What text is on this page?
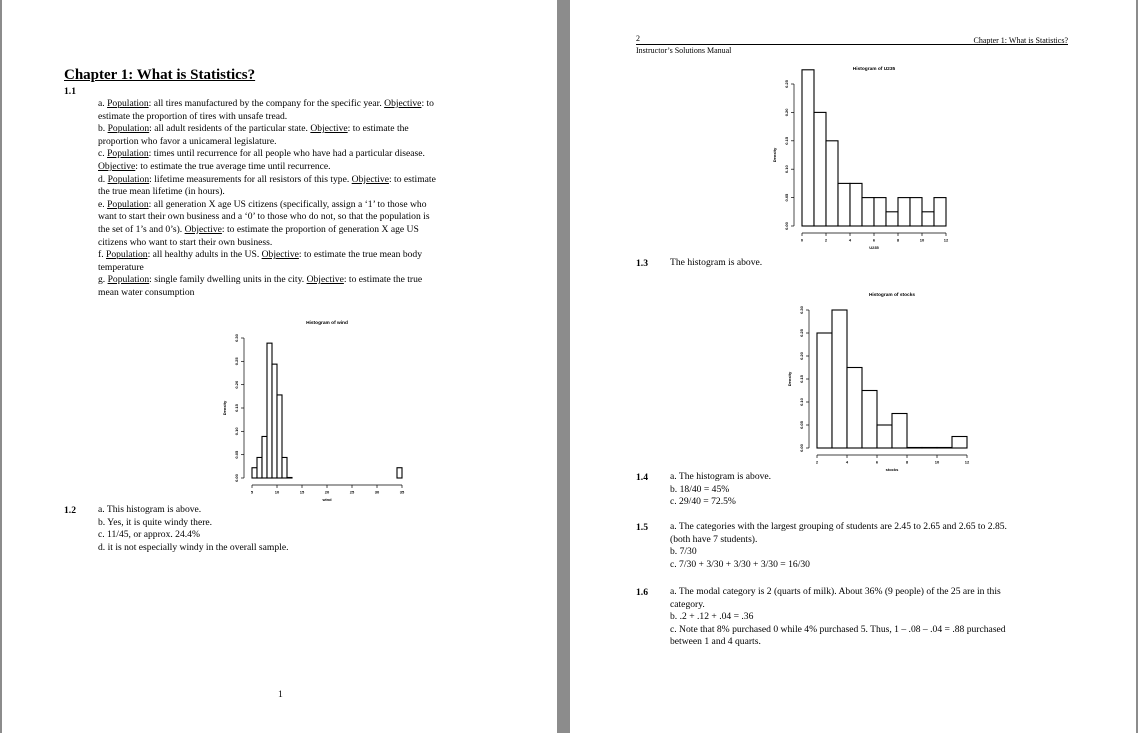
Chapter 1: What is Statistics?
1.1
a. Population: all tires manufactured by the company for the specific year. Objective: to
estimate the proportion of tires with unsafe tread.
b. Population: all adult residents of the particular state. Objective: to estimate the
proportion who favor a unicameral legislature.
c. Population: times until recurrence for all people who have had a particular disease.
Objective: to estimate the true average time until recurrence.
d. Population: lifetime measurements for all resistors of this type. Objective: to estimate
the true mean lifetime (in hours).
e. Population: all generation X age US citizens (specifically, assign a ‘1’ to those who
want to start their own business and a ‘0’ to those who do not, so that the population is
the set of 1’s and 0’s). Objective: to estimate the proportion of generation X age US
citizens who want to start their own business.
f. Population: all healthy adults in the US. Objective: to estimate the true mean body
temperature
g. Population: single family dwelling units in the city. Objective: to estimate the true
mean water consumption
Histogram of wind
5	10	15	20	25	30	35
wind
0.00
0.05
0.10
0.15
0.20
0.25
0.30
Density
1.2 a. This histogram is above.
b. Yes, it is quite windy there.
c. 11/45, or approx. 24.4%
d. it is not especially windy in the overall sample.
1
2	Chapter 1: What is Statistics?
Instructor’s Solutions Manual
Histogram of U235
0	2	4	6	8	10	12
U235
0.00
0.05
0.10
0.15
0.20
0.25
Density
1.3 The histogram is above.
Histogram of stocks
2	4	6	8	10	12
stocks
0.00
0.05
0.10
0.15
0.20
0.25
0.30
Density
1.4 a. The histogram is above.
b. 18/40 = 45%
c. 29/40 = 72.5%
1.5 a. The categories with the largest grouping of students are 2.45 to 2.65 and 2.65 to 2.85.
(both have 7 students).
b. 7/30
c. 7/30 + 3/30 + 3/30 + 3/30 = 16/30
1.6 a. The modal category is 2 (quarts of milk). About 36% (9 people) of the 25 are in this
category.
b. .2 + .12 + .04 = .36
c. Note that 8% purchased 0 while 4% purchased 5. Thus, 1 – .08 – .04 = .88 purchased
between 1 and 4 quarts.
